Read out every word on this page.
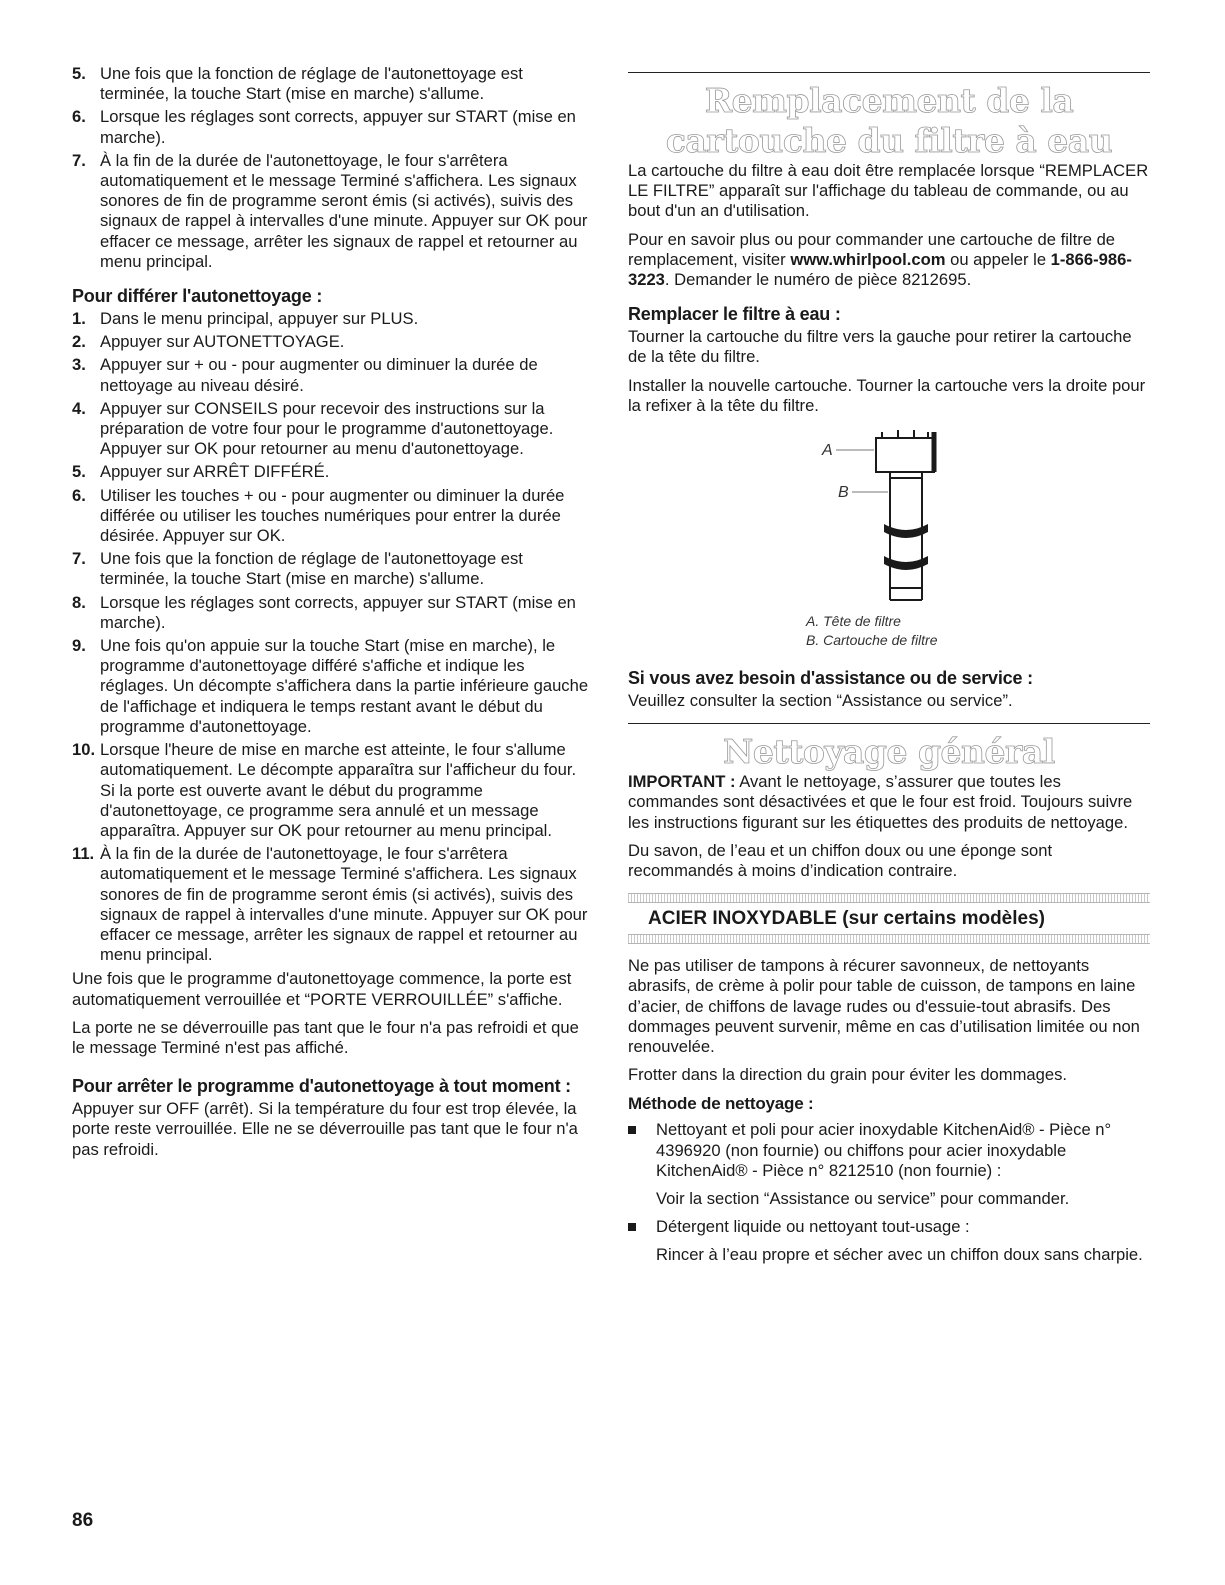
5. Une fois que la fonction de réglage de l'autonettoyage est terminée, la touche Start (mise en marche) s'allume.
6. Lorsque les réglages sont corrects, appuyer sur START (mise en marche).
7. À la fin de la durée de l'autonettoyage, le four s'arrêtera automatiquement et le message Terminé s'affichera. Les signaux sonores de fin de programme seront émis (si activés), suivis des signaux de rappel à intervalles d'une minute. Appuyer sur OK pour effacer ce message, arrêter les signaux de rappel et retourner au menu principal.
Pour différer l'autonettoyage :
1. Dans le menu principal, appuyer sur PLUS.
2. Appuyer sur AUTONETTOYAGE.
3. Appuyer sur + ou - pour augmenter ou diminuer la durée de nettoyage au niveau désiré.
4. Appuyer sur CONSEILS pour recevoir des instructions sur la préparation de votre four pour le programme d'autonettoyage. Appuyer sur OK pour retourner au menu d'autonettoyage.
5. Appuyer sur ARRÊT DIFFÉRÉ.
6. Utiliser les touches + ou - pour augmenter ou diminuer la durée différée ou utiliser les touches numériques pour entrer la durée désirée. Appuyer sur OK.
7. Une fois que la fonction de réglage de l'autonettoyage est terminée, la touche Start (mise en marche) s'allume.
8. Lorsque les réglages sont corrects, appuyer sur START (mise en marche).
9. Une fois qu'on appuie sur la touche Start (mise en marche), le programme d'autonettoyage différé s'affiche et indique les réglages. Un décompte s'affichera dans la partie inférieure gauche de l'affichage et indiquera le temps restant avant le début du programme d'autonettoyage.
10. Lorsque l'heure de mise en marche est atteinte, le four s'allume automatiquement. Le décompte apparaîtra sur l'afficheur du four. Si la porte est ouverte avant le début du programme d'autonettoyage, ce programme sera annulé et un message apparaîtra. Appuyer sur OK pour retourner au menu principal.
11. À la fin de la durée de l'autonettoyage, le four s'arrêtera automatiquement et le message Terminé s'affichera. Les signaux sonores de fin de programme seront émis (si activés), suivis des signaux de rappel à intervalles d'une minute. Appuyer sur OK pour effacer ce message, arrêter les signaux de rappel et retourner au menu principal.

Une fois que le programme d'autonettoyage commence, la porte est automatiquement verrouillée et “PORTE VERROUILLÉE” s'affiche.

La porte ne se déverrouille pas tant que le four n'a pas refroidi et que le message Terminé n'est pas affiché.

Pour arrêter le programme d'autonettoyage à tout moment :

Appuyer sur OFF (arrêt). Si la température du four est trop élevée, la porte reste verrouillée. Elle ne se déverrouille pas tant que le four n'a pas refroidi.

Remplacement de la cartouche du filtre à eau

La cartouche du filtre à eau doit être remplacée lorsque “REMPLACER LE FILTRE” apparaît sur l'affichage du tableau de commande, ou au bout d'un an d'utilisation.

Pour en savoir plus ou pour commander une cartouche de filtre de remplacement, visiter www.whirlpool.com ou appeler le 1-866-986-3223. Demander le numéro de pièce 8212695.

Remplacer le filtre à eau :

Tourner la cartouche du filtre vers la gauche pour retirer la cartouche de la tête du filtre.

Installer la nouvelle cartouche. Tourner la cartouche vers la droite pour la refixer à la tête du filtre.

A
B
A. Tête de filtre
B. Cartouche de filtre
Si vous avez besoin d'assistance ou de service :

Veuillez consulter la section “Assistance ou service”.

Nettoyage général

IMPORTANT : Avant le nettoyage, s’assurer que toutes les commandes sont désactivées et que le four est froid. Toujours suivre les instructions figurant sur les étiquettes des produits de nettoyage.

Du savon, de l’eau et un chiffon doux ou une éponge sont recommandés à moins d’indication contraire.

ACIER INOXYDABLE (sur certains modèles)

Ne pas utiliser de tampons à récurer savonneux, de nettoyants abrasifs, de crème à polir pour table de cuisson, de tampons en laine d’acier, de chiffons de lavage rudes ou d'essuie-tout abrasifs. Des dommages peuvent survenir, même en cas d’utilisation limitée ou non renouvelée.

Frotter dans la direction du grain pour éviter les dommages.

Méthode de nettoyage :
Nettoyant et poli pour acier inoxydable KitchenAid® - Pièce n° 4396920 (non fournie) ou chiffons pour acier inoxydable KitchenAid® - Pièce n° 8212510 (non fournie) :
Voir la section “Assistance ou service” pour commander.
Détergent liquide ou nettoyant tout-usage :
Rincer à l’eau propre et sécher avec un chiffon doux sans charpie.
86
